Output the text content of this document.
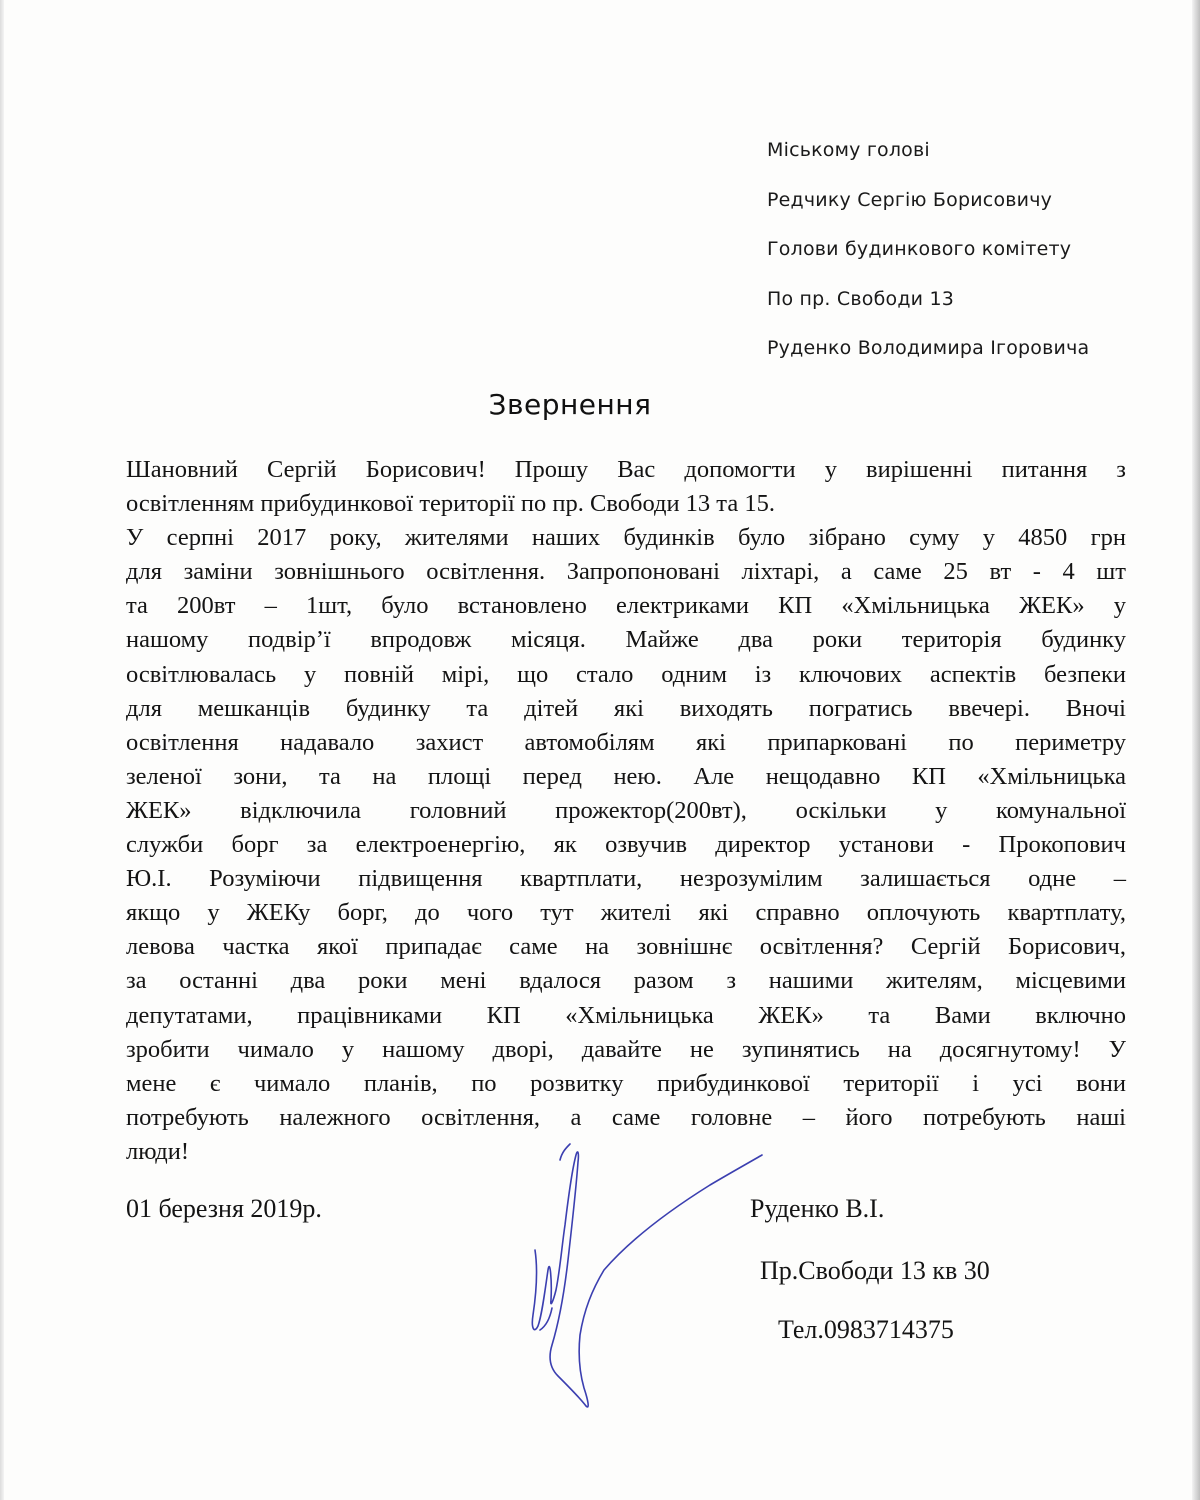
Міському голові
Редчику Сергію Борисовичу
Голови будинкового комітету
По пр. Свободи 13
Руденко Володимира Ігоровича
Звернення
Шановний Сергій Борисович! Прошу Вас допомогти у вирішенні питання з
освітленням прибудинкової території по пр. Свободи 13 та 15.
У серпні 2017 року, жителями наших будинків було зібрано суму у 4850 грн
для заміни зовнішнього освітлення. Запропоновані ліхтарі, а саме 25 вт - 4 шт
та 200вт – 1шт, було встановлено електриками КП «Хмільницька ЖЕК» у
нашому подвір’ї впродовж місяця. Майже два роки територія будинку
освітлювалась у повній мірі, що стало одним із ключових аспектів безпеки
для мешканців будинку та дітей які виходять погратись ввечері. Вночі
освітлення надавало захист автомобілям які припарковані по периметру
зеленої зони, та на площі перед нею. Але нещодавно КП «Хмільницька
ЖЕК» відключила головний прожектор(200вт), оскільки у комунальної
служби борг за електроенергію, як озвучив директор установи - Прокопович
Ю.І. Розуміючи підвищення квартплати, незрозумілим залишається одне –
якщо у ЖЕКу борг, до чого тут жителі які справно оплочують квартплату,
левова частка якої припадає саме на зовнішнє освітлення? Сергій Борисович,
за останні два роки мені вдалося разом з нашими жителям, місцевими
депутатами, працівниками КП «Хмільницька ЖЕК» та Вами включно
зробити чимало у нашому дворі, давайте не зупинятись на досягнутому! У
мене є чимало планів, по розвитку прибудинкової території і усі вони
потребують належного освітлення, а саме головне – його потребують наші
люди!
01 березня 2019р.	Руденко В.І.
Пр.Свободи 13 кв 30
Тел.0983714375
